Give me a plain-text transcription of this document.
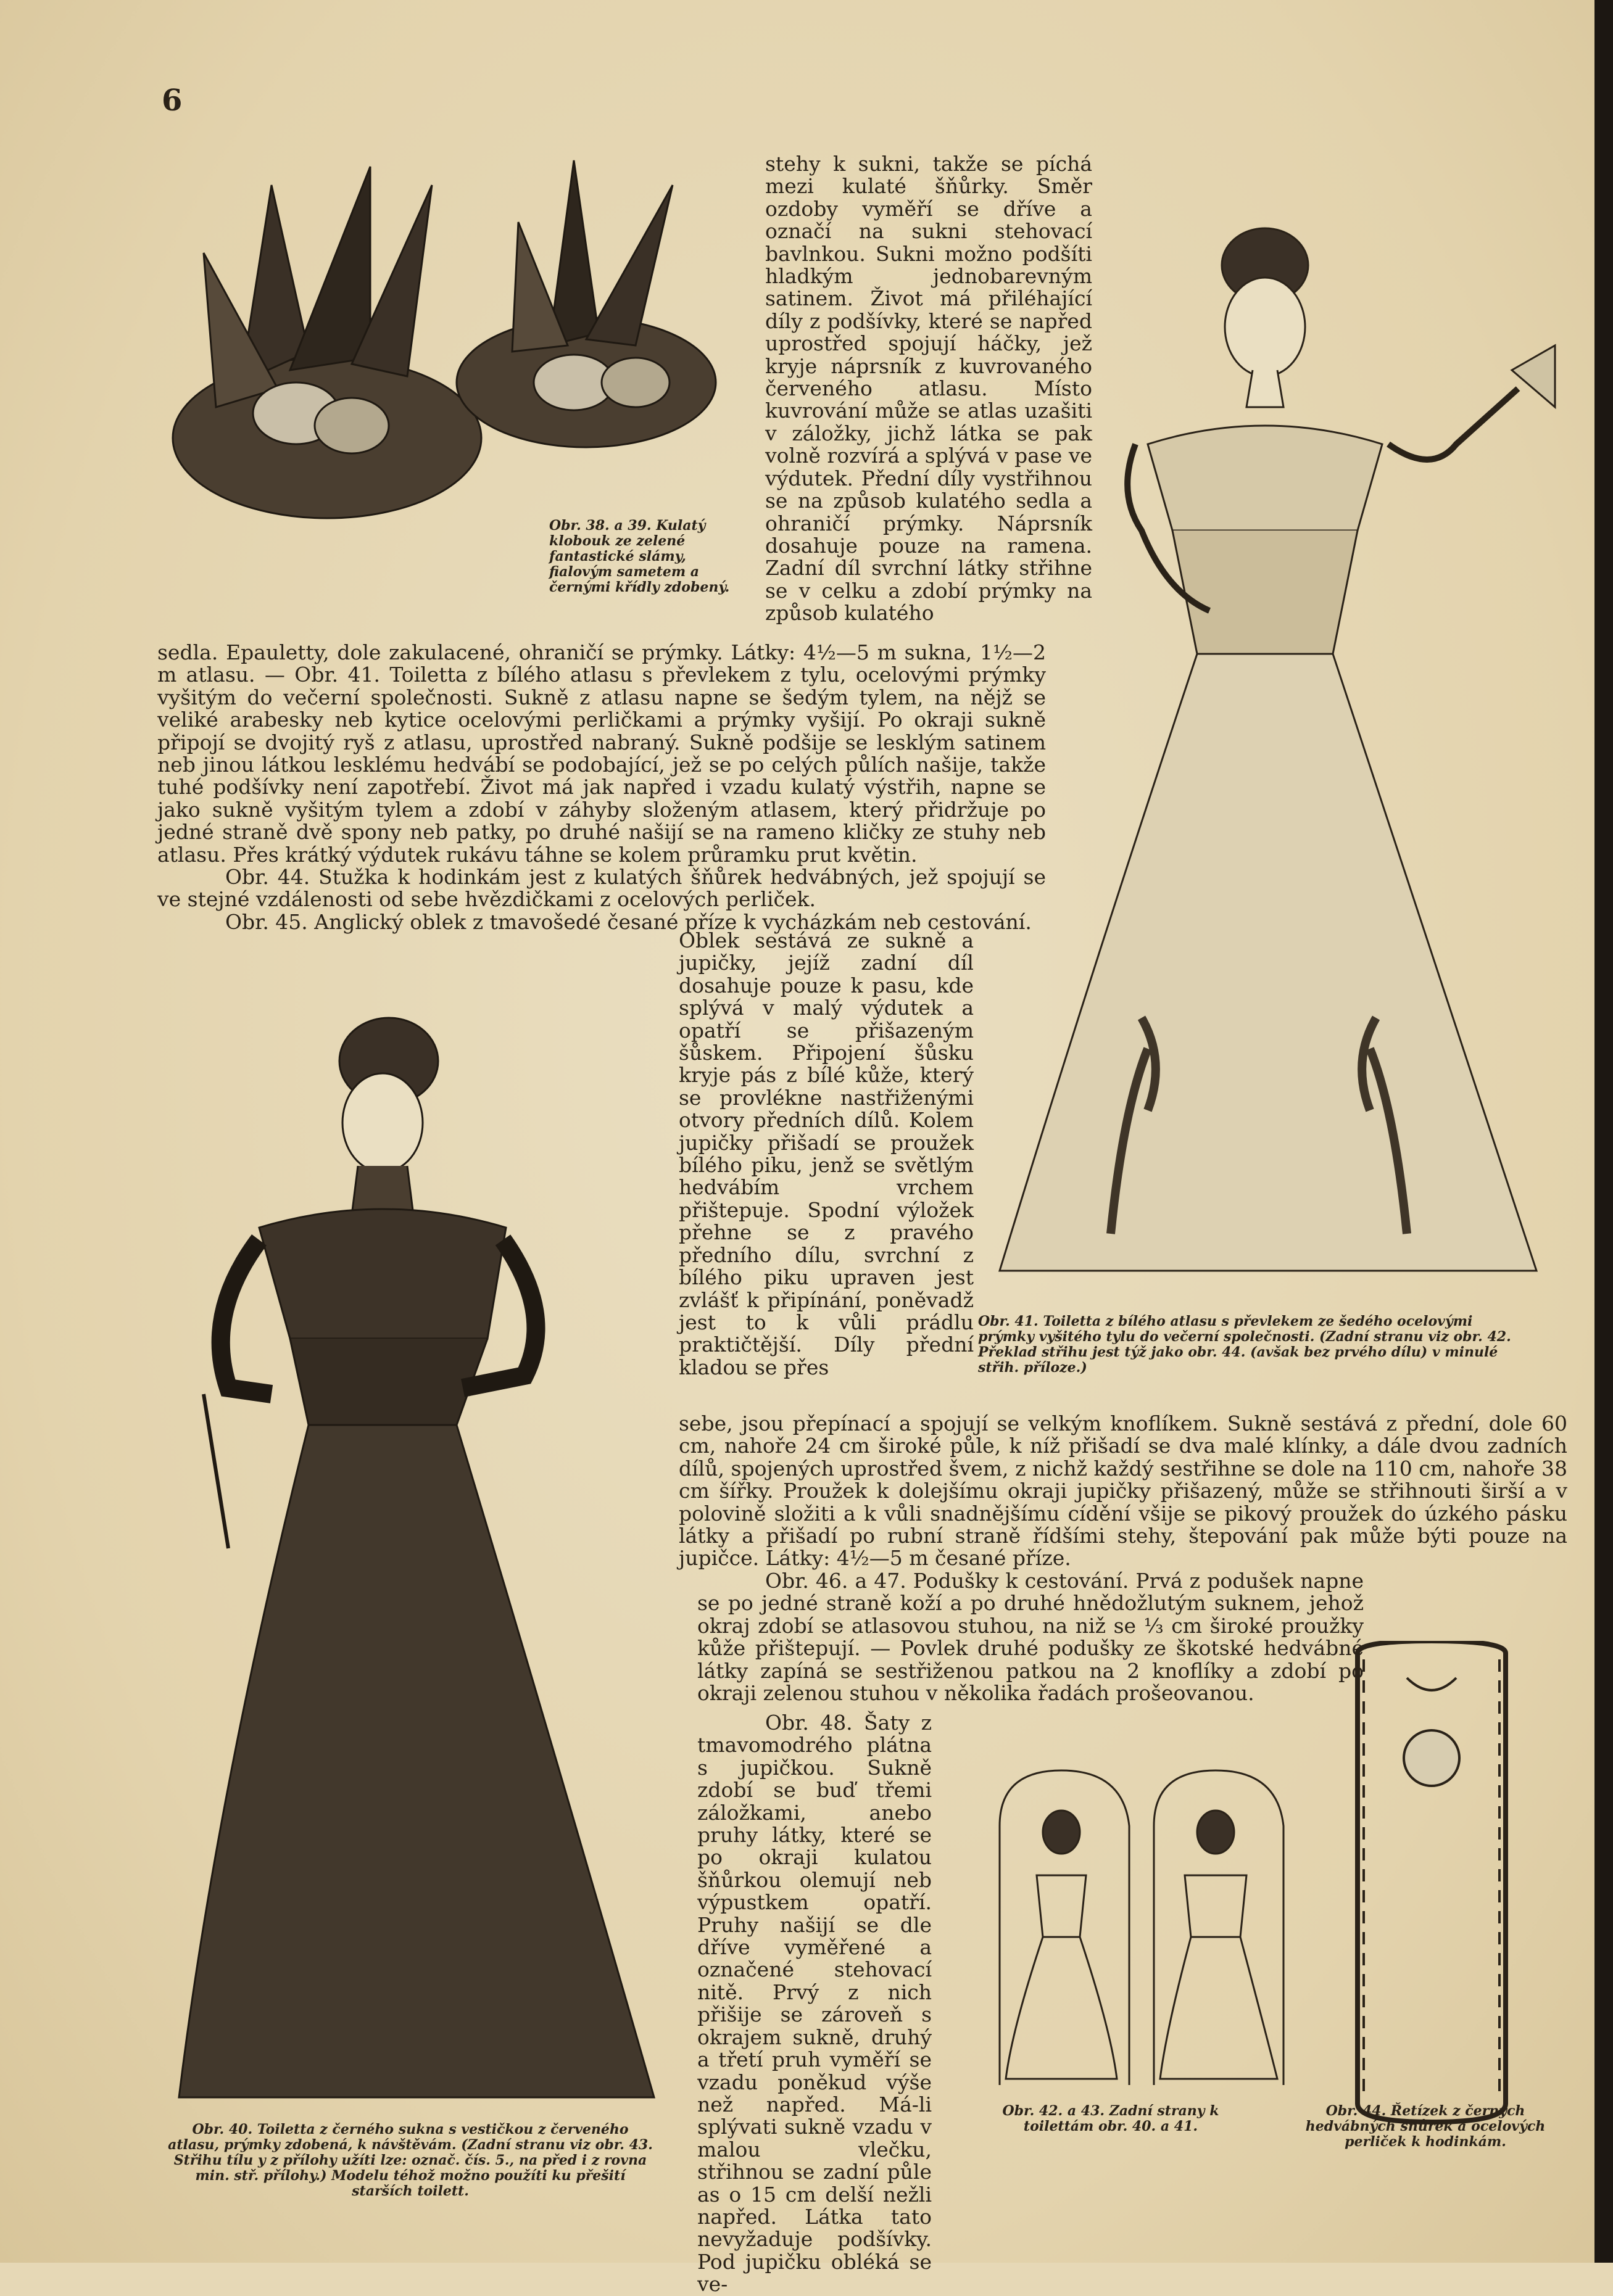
6

Obr. 38. a 39. Kulatý klobouk ze zelené fantastické slámy, fialovým sametem a černými křídly zdobený.

stehy k sukni, takže se píchá mezi kulaté šňůrky. Směr ozdoby vyměří se dříve a označí na sukni stehovací bavlnkou. Sukni možno podšíti hladkým jednobarevným satinem. Život má přiléhající díly z podšívky, které se napřed uprostřed spojují háčky, jež kryje náprsník z kuvrovaného červeného atlasu. Místo kuvrování může se atlas uzašiti v záložky, jichž látka se pak volně rozvírá a splývá v pase ve výdutek. Přední díly vystřihnou se na způsob kulatého sedla a ohraničí prýmky. Náprsník dosahuje pouze na ramena. Zadní díl svrchní látky střihne se v celku a zdobí prýmky na způsob kulatého

Obr. 41. Toiletta z bílého atlasu s převlekem ze šedého ocelovými prýmky vyšitého tylu do večerní společnosti. (Zadní stranu viz obr. 42. Překlad střihu jest týž jako obr. 44. (avšak bez prvého dílu) v minulé střih. příloze.)

sedla. Epauletty, dole zakulacené, ohraničí se prýmky. Látky: 4½—5 m sukna, 1½—2 m atlasu. — Obr. 41. Toiletta z bílého atlasu s převlekem z tylu, ocelovými prýmky vyšitým do večerní společnosti. Sukně z atlasu napne se šedým tylem, na nějž se veliké arabesky neb kytice ocelovými perličkami a prýmky vyšijí. Po okraji sukně připojí se dvojitý ryš z atlasu, uprostřed nabraný. Sukně podšije se lesklým satinem neb jinou látkou lesklému hedvábí se podobající, jež se po celých půlích našije, takže tuhé podšívky není zapotřebí. Život má jak napřed i vzadu kulatý výstřih, napne se jako sukně vyšitým tylem a zdobí v záhyby složeným atlasem, který přidržuje po jedné straně dvě spony neb patky, po druhé našijí se na rameno kličky ze stuhy neb atlasu. Přes krátký výdutek rukávu táhne se kolem průramku prut květin.

Obr. 44. Stužka k hodinkám jest z kulatých šňůrek hedvábných, jež spojují se ve stejné vzdálenosti od sebe hvězdičkami z ocelových perliček.

Obr. 45. Anglický oblek z tmavošedé česané příze k vycházkám neb cestování.

Oblek sestává ze sukně a jupičky, jejíž zadní díl dosahuje pouze k pasu, kde splývá v malý výdutek a opatří se přišazeným šůskem. Připojení šůsku kryje pás z bílé kůže, který se provlékne nastřiženými otvory předních dílů. Kolem jupičky přišadí se proužek bílého piku, jenž se světlým hedvábím vrchem přištepuje. Spodní výložek přehne se z pravého předního dílu, svrchní z bílého piku upraven jest zvlášť k připínání, poněvadž jest to k vůli prádlu praktičtější. Díly přední kladou se přes

Obr. 40. Toiletta z černého sukna s vestičkou z červeného atlasu, prýmky zdobená, k návštěvám. (Zadní stranu viz obr. 43. Střihu tílu y z přílohy užíti lze: označ. čís. 5., na před i z rovna min. stř. přílohy.) Modelu téhož možno použíti ku přešití starších toilett.

sebe, jsou přepínací a spojují se velkým knoflíkem. Sukně sestává z přední, dole 60 cm, nahoře 24 cm široké půle, k níž přišadí se dva malé klínky, a dále dvou zadních dílů, spojených uprostřed švem, z nichž každý sestřihne se dole na 110 cm, nahoře 38 cm šířky. Proužek k dolejšímu okraji jupičky přišazený, může se střihnouti širší a v polovině složiti a k vůli snadnějšímu cídění všije se pikový proužek do úzkého pásku látky a přišadí po rubní straně řídšími stehy, štepování pak může býti pouze na jupičce. Látky: 4½—5 m česané příze.

Obr. 46. a 47. Podušky k cestování. Prvá z podušek napne se po jedné straně koží a po druhé hnědožlutým suknem, jehož okraj zdobí se atlasovou stuhou, na niž se ⅓ cm široké proužky kůže přištepují. — Povlek druhé podušky ze škotské hedvábné látky zapíná se sestřiženou patkou na 2 knoflíky a zdobí po okraji zelenou stuhou v několika řadách prošeovanou.

Obr. 48. Šaty z tmavomodrého plátna s jupičkou. Sukně zdobí se buď třemi záložkami, anebo pruhy látky, které se po okraji kulatou šňůrkou olemují neb výpustkem opatří. Pruhy našijí se dle dříve vyměřené a označené stehovací nitě. Prvý z nich přišije se zároveň s okrajem sukně, druhý a třetí pruh vyměří se vzadu poněkud výše než napřed. Má-li splývati sukně vzadu v malou vlečku, střihnou se zadní půle as o 15 cm delší nežli napřed. Látka tato nevyžaduje podšívky. Pod jupičku obléká se ve-

Obr. 42. a 43. Zadní strany k toilettám obr. 40. a 41.

Obr. 44. Řetízek z černých hedvábných šňůrek a ocelových perliček k hodinkám.
